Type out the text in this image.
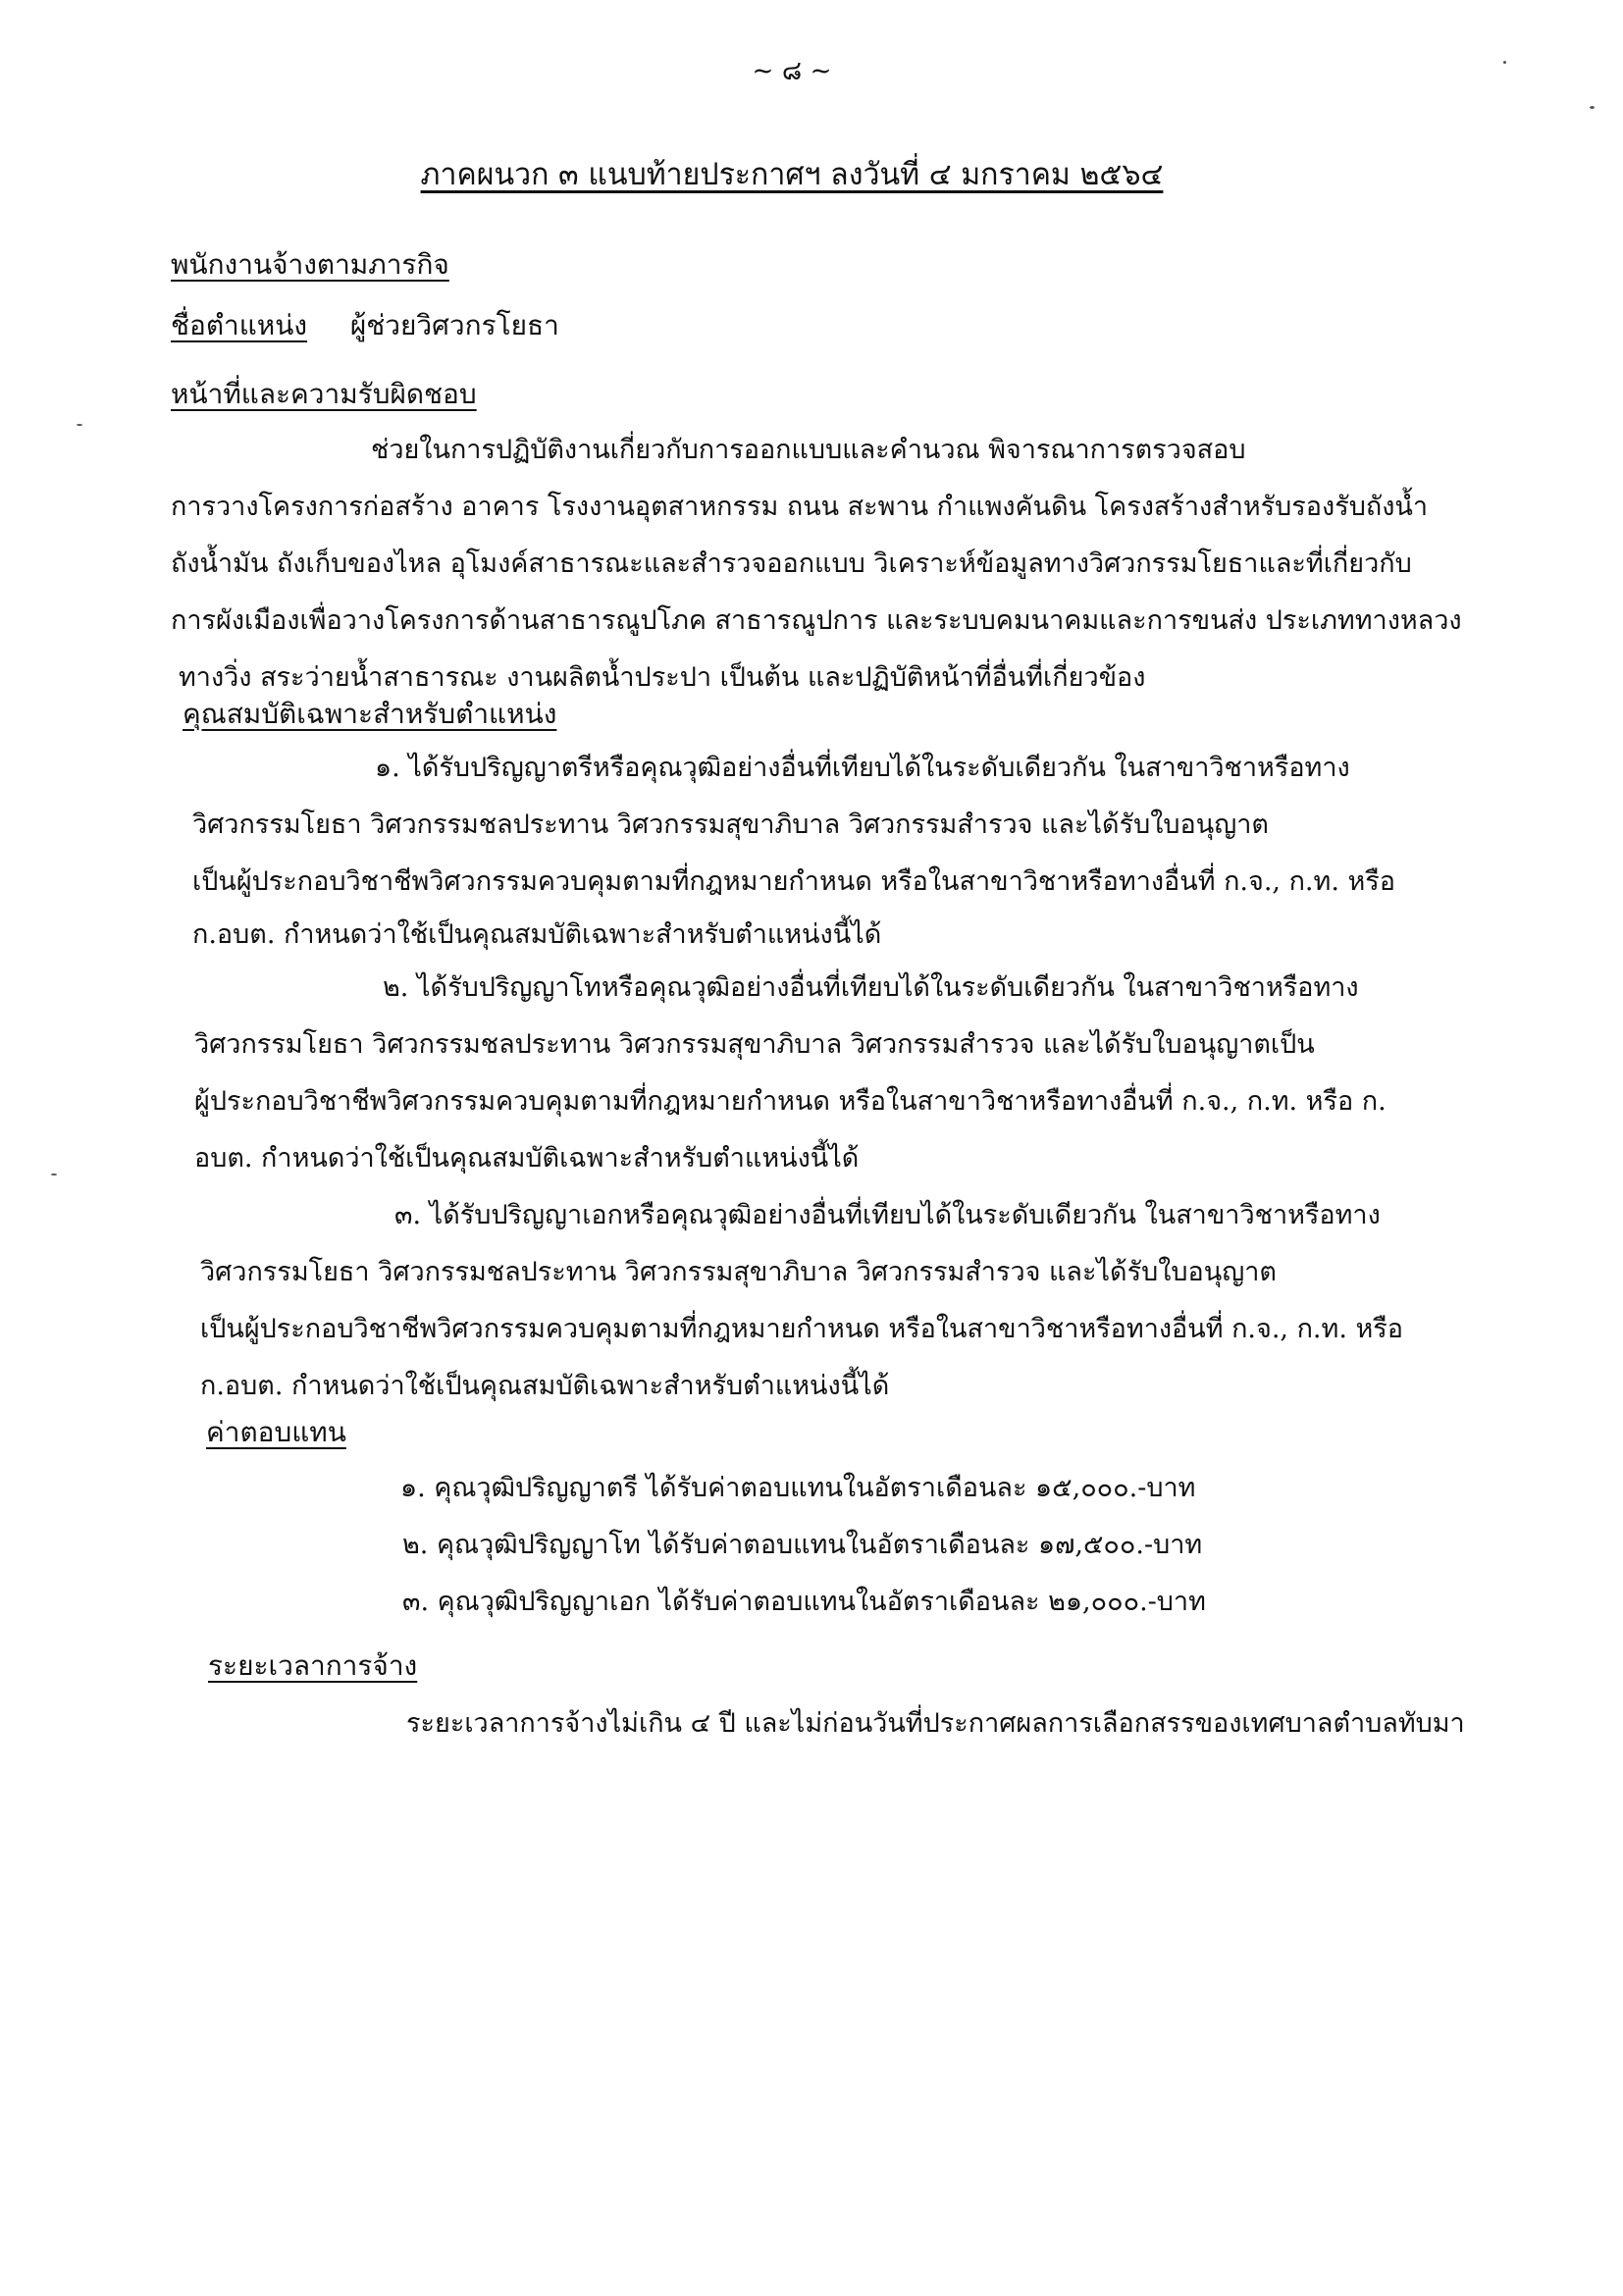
~ ๘ ~
ภาคผนวก ๓ แนบท้ายประกาศฯ ลงวันที่ ๔ มกราคม ๒๕๖๔
พนักงานจ้างตามภารกิจ
ชื่อตำแหน่ง ผู้ช่วยวิศวกรโยธา
หน้าที่และความรับผิดชอบ
ช่วยในการปฏิบัติงานเกี่ยวกับการออกแบบและคำนวณ พิจารณาการตรวจสอบ
การวางโครงการก่อสร้าง อาคาร โรงงานอุตสาหกรรม ถนน สะพาน กำแพงคันดิน โครงสร้างสำหรับรองรับถังน้ำ
ถังน้ำมัน ถังเก็บของไหล อุโมงค์สาธารณะและสำรวจออกแบบ วิเคราะห์ข้อมูลทางวิศวกรรมโยธาและที่เกี่ยวกับ
การผังเมืองเพื่อวางโครงการด้านสาธารณูปโภค สาธารณูปการ และระบบคมนาคมและการขนส่ง ประเภททางหลวง
ทางวิ่ง สระว่ายน้ำสาธารณะ งานผลิตน้ำประปา เป็นต้น และปฏิบัติหน้าที่อื่นที่เกี่ยวข้อง
คุณสมบัติเฉพาะสำหรับตำแหน่ง
๑. ได้รับปริญญาตรีหรือคุณวุฒิอย่างอื่นที่เทียบได้ในระดับเดียวกัน ในสาขาวิชาหรือทาง
วิศวกรรมโยธา วิศวกรรมชลประทาน วิศวกรรมสุขาภิบาล วิศวกรรมสำรวจ และได้รับใบอนุญาต
เป็นผู้ประกอบวิชาชีพวิศวกรรมควบคุมตามที่กฎหมายกำหนด หรือในสาขาวิชาหรือทางอื่นที่ ก.จ., ก.ท. หรือ
ก.อบต. กำหนดว่าใช้เป็นคุณสมบัติเฉพาะสำหรับตำแหน่งนี้ได้
๒. ได้รับปริญญาโทหรือคุณวุฒิอย่างอื่นที่เทียบได้ในระดับเดียวกัน ในสาขาวิชาหรือทาง
วิศวกรรมโยธา วิศวกรรมชลประทาน วิศวกรรมสุขาภิบาล วิศวกรรมสำรวจ และได้รับใบอนุญาตเป็น
ผู้ประกอบวิชาชีพวิศวกรรมควบคุมตามที่กฎหมายกำหนด หรือในสาขาวิชาหรือทางอื่นที่ ก.จ., ก.ท. หรือ ก.
อบต. กำหนดว่าใช้เป็นคุณสมบัติเฉพาะสำหรับตำแหน่งนี้ได้
๓. ได้รับปริญญาเอกหรือคุณวุฒิอย่างอื่นที่เทียบได้ในระดับเดียวกัน ในสาขาวิชาหรือทาง
วิศวกรรมโยธา วิศวกรรมชลประทาน วิศวกรรมสุขาภิบาล วิศวกรรมสำรวจ และได้รับใบอนุญาต
เป็นผู้ประกอบวิชาชีพวิศวกรรมควบคุมตามที่กฎหมายกำหนด หรือในสาขาวิชาหรือทางอื่นที่ ก.จ., ก.ท. หรือ
ก.อบต. กำหนดว่าใช้เป็นคุณสมบัติเฉพาะสำหรับตำแหน่งนี้ได้
ค่าตอบแทน
๑. คุณวุฒิปริญญาตรี ได้รับค่าตอบแทนในอัตราเดือนละ ๑๕,๐๐๐.-บาท
๒. คุณวุฒิปริญญาโท ได้รับค่าตอบแทนในอัตราเดือนละ ๑๗,๕๐๐.-บาท
๓. คุณวุฒิปริญญาเอก ได้รับค่าตอบแทนในอัตราเดือนละ ๒๑,๐๐๐.-บาท
ระยะเวลาการจ้าง
ระยะเวลาการจ้างไม่เกิน ๔ ปี และไม่ก่อนวันที่ประกาศผลการเลือกสรรของเทศบาลตำบลทับมา
